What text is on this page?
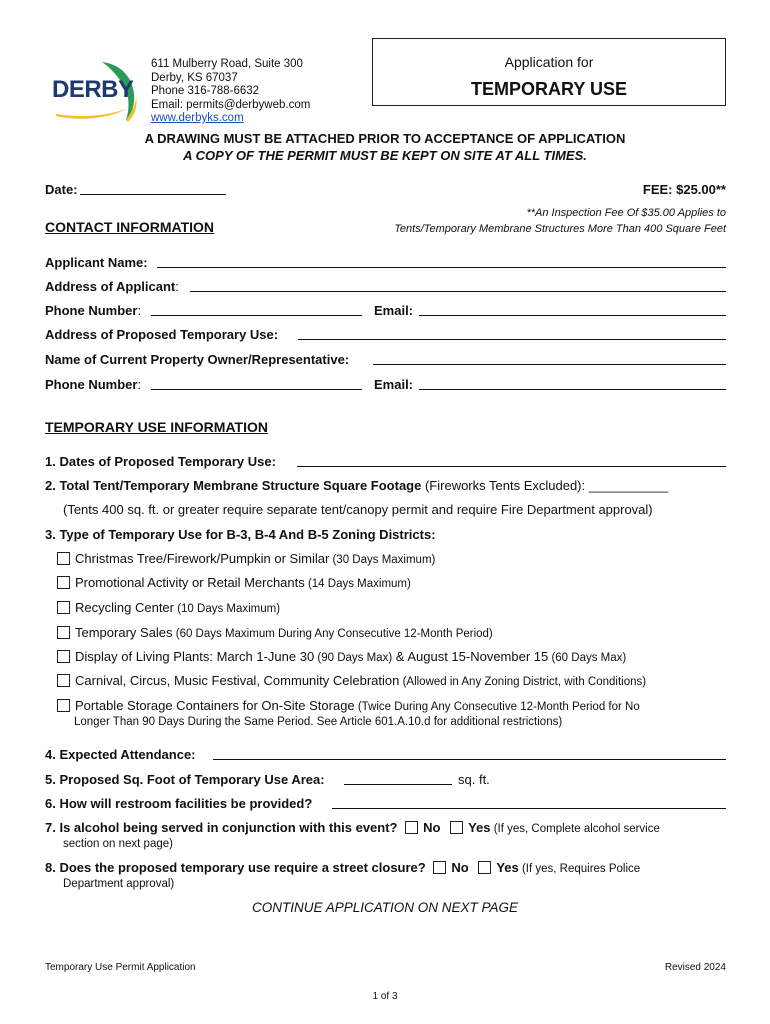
DERBY
611 Mulberry Road, Suite 300
Derby, KS 67037
Phone 316-788-6632
Email: permits@derbyweb.com
www.derbyks.com
Application for
TEMPORARY USE
A DRAWING MUST BE ATTACHED PRIOR TO ACCEPTANCE OF APPLICATION
A COPY OF THE PERMIT MUST BE KEPT ON SITE AT ALL TIMES.
Date:	FEE: $25.00**
**An Inspection Fee Of $35.00 Applies to
Tents/Temporary Membrane Structures More Than 400 Square Feet
CONTACT INFORMATION
Applicant Name:
Address of Applicant:
Phone Number:	Email:
Address of Proposed Temporary Use:
Name of Current Property Owner/Representative:
Phone Number:	Email:
TEMPORARY USE INFORMATION
1. Dates of Proposed Temporary Use:
2. Total Tent/Temporary Membrane Structure Square Footage (Fireworks Tents Excluded): ___________
(Tents 400 sq. ft. or greater require separate tent/canopy permit and require Fire Department approval)
3. Type of Temporary Use for B-3, B-4 And B-5 Zoning Districts:
Christmas Tree/Firework/Pumpkin or Similar (30 Days Maximum)
Promotional Activity or Retail Merchants (14 Days Maximum)
Recycling Center (10 Days Maximum)
Temporary Sales (60 Days Maximum During Any Consecutive 12-Month Period)
Display of Living Plants: March 1-June 30 (90 Days Max) & August 15-November 15 (60 Days Max)
Carnival, Circus, Music Festival, Community Celebration (Allowed in Any Zoning District, with Conditions)
Portable Storage Containers for On-Site Storage (Twice During Any Consecutive 12-Month Period for No
Longer Than 90 Days During the Same Period. See Article 601.A.10.d for additional restrictions)
4. Expected Attendance:
5. Proposed Sq. Foot of Temporary Use Area:	sq. ft.
6. How will restroom facilities be provided?
7. Is alcohol being served in conjunction with this event? No Yes (If yes, Complete alcohol service
section on next page)
8. Does the proposed temporary use require a street closure? No Yes (If yes, Requires Police
Department approval)
CONTINUE APPLICATION ON NEXT PAGE
Temporary Use Permit Application	Revised 2024
1 of 3
